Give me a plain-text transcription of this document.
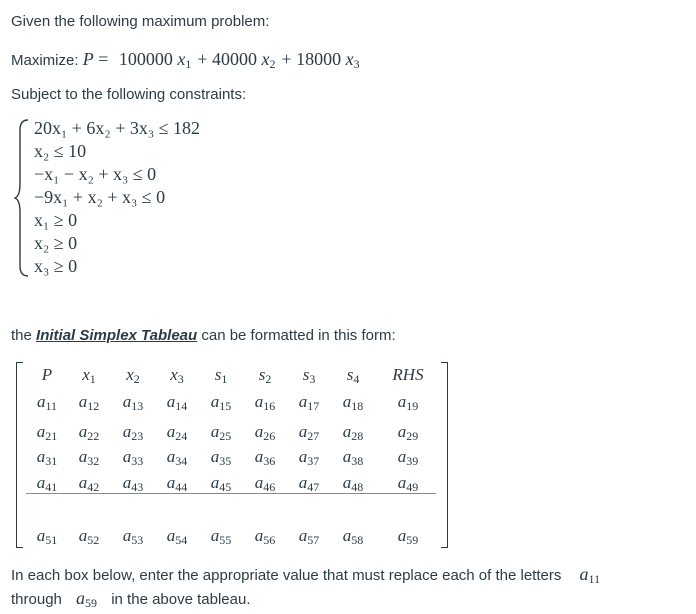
Given the following maximum problem:
Maximize: P = 100000 $x_1 + 40000$ $x_2 + 18000$ $x_3$
Subject to the following constraints:
20x₁ + 6x₂ + 3x₃ ≤ 182
x₂ ≤ 10
−x₁ − x₂ + x₃ ≤ 0
−9x₁ + x₂ + x₃ ≤ 0
x₁ ≥ 0
x₂ ≥ 0
x₃ ≥ 0
the Initial Simplex Tableau can be formatted in this form:
P $x_1$ $x_2$ $x_3$ $s_1$ $s_2$ $s_3$ $s_4$ RHS
$a_{11}$ $a_{12}$ $a_{13}$ $a_{14}$ $a_{15}$ $a_{16}$ $a_{17}$ $a_{18}$ $a_{19}$
$a_{21}$ $a_{22}$ $a_{23}$ $a_{24}$ $a_{25}$ $a_{26}$ $a_{27}$ $a_{28}$ $a_{29}$
$a_{31}$ $a_{32}$ $a_{33}$ $a_{34}$ $a_{35}$ $a_{36}$ $a_{37}$ $a_{38}$ $a_{39}$
$a_{41}$ $a_{42}$ $a_{43}$ $a_{44}$ $a_{45}$ $a_{46}$ $a_{47}$ $a_{48}$ $a_{49}$
$a_{51}$ $a_{52}$ $a_{53}$ $a_{54}$ $a_{55}$ $a_{56}$ $a_{57}$ $a_{58}$ $a_{59}$
In each box below, enter the appropriate value that must replace each of the letters $a_{11}$
through $a_{59}$ in the above tableau.
